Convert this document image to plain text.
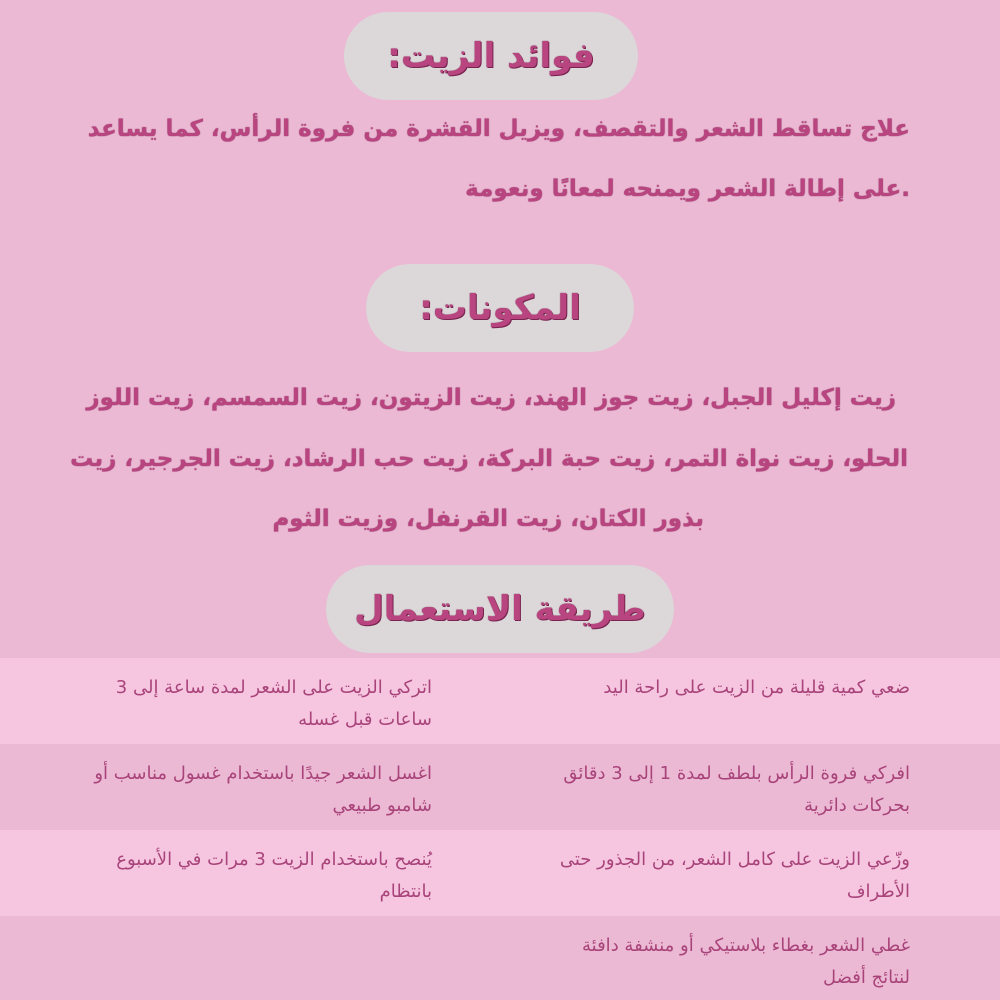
فوائد الزيت:
علاج تساقط الشعر والتقصف، ويزيل القشرة من فروة الرأس، كما يساعد
.على إطالة الشعر ويمنحه لمعانًا ونعومة
المكونات:
زيت إكليل الجبل، زيت جوز الهند، زيت الزيتون، زيت السمسم، زيت اللوز
الحلو، زيت نواة التمر، زيت حبة البركة، زيت حب الرشاد، زيت الجرجير، زيت
بذور الكتان، زيت القرنفل، وزيت الثوم
طريقة الاستعمال
ضعي كمية قليلة من الزيت على راحة اليد
اتركي الزيت على الشعر لمدة ساعة إلى 3
ساعات قبل غسله
افركي فروة الرأس بلطف لمدة 1 إلى 3 دقائق
بحركات دائرية
اغسل الشعر جيدًا باستخدام غسول مناسب أو
شامبو طبيعي
وزّعي الزيت على كامل الشعر، من الجذور حتى
الأطراف
يُنصح باستخدام الزيت 3 مرات في الأسبوع
بانتظام
غطي الشعر بغطاء بلاستيكي أو منشفة دافئة
لنتائج أفضل
